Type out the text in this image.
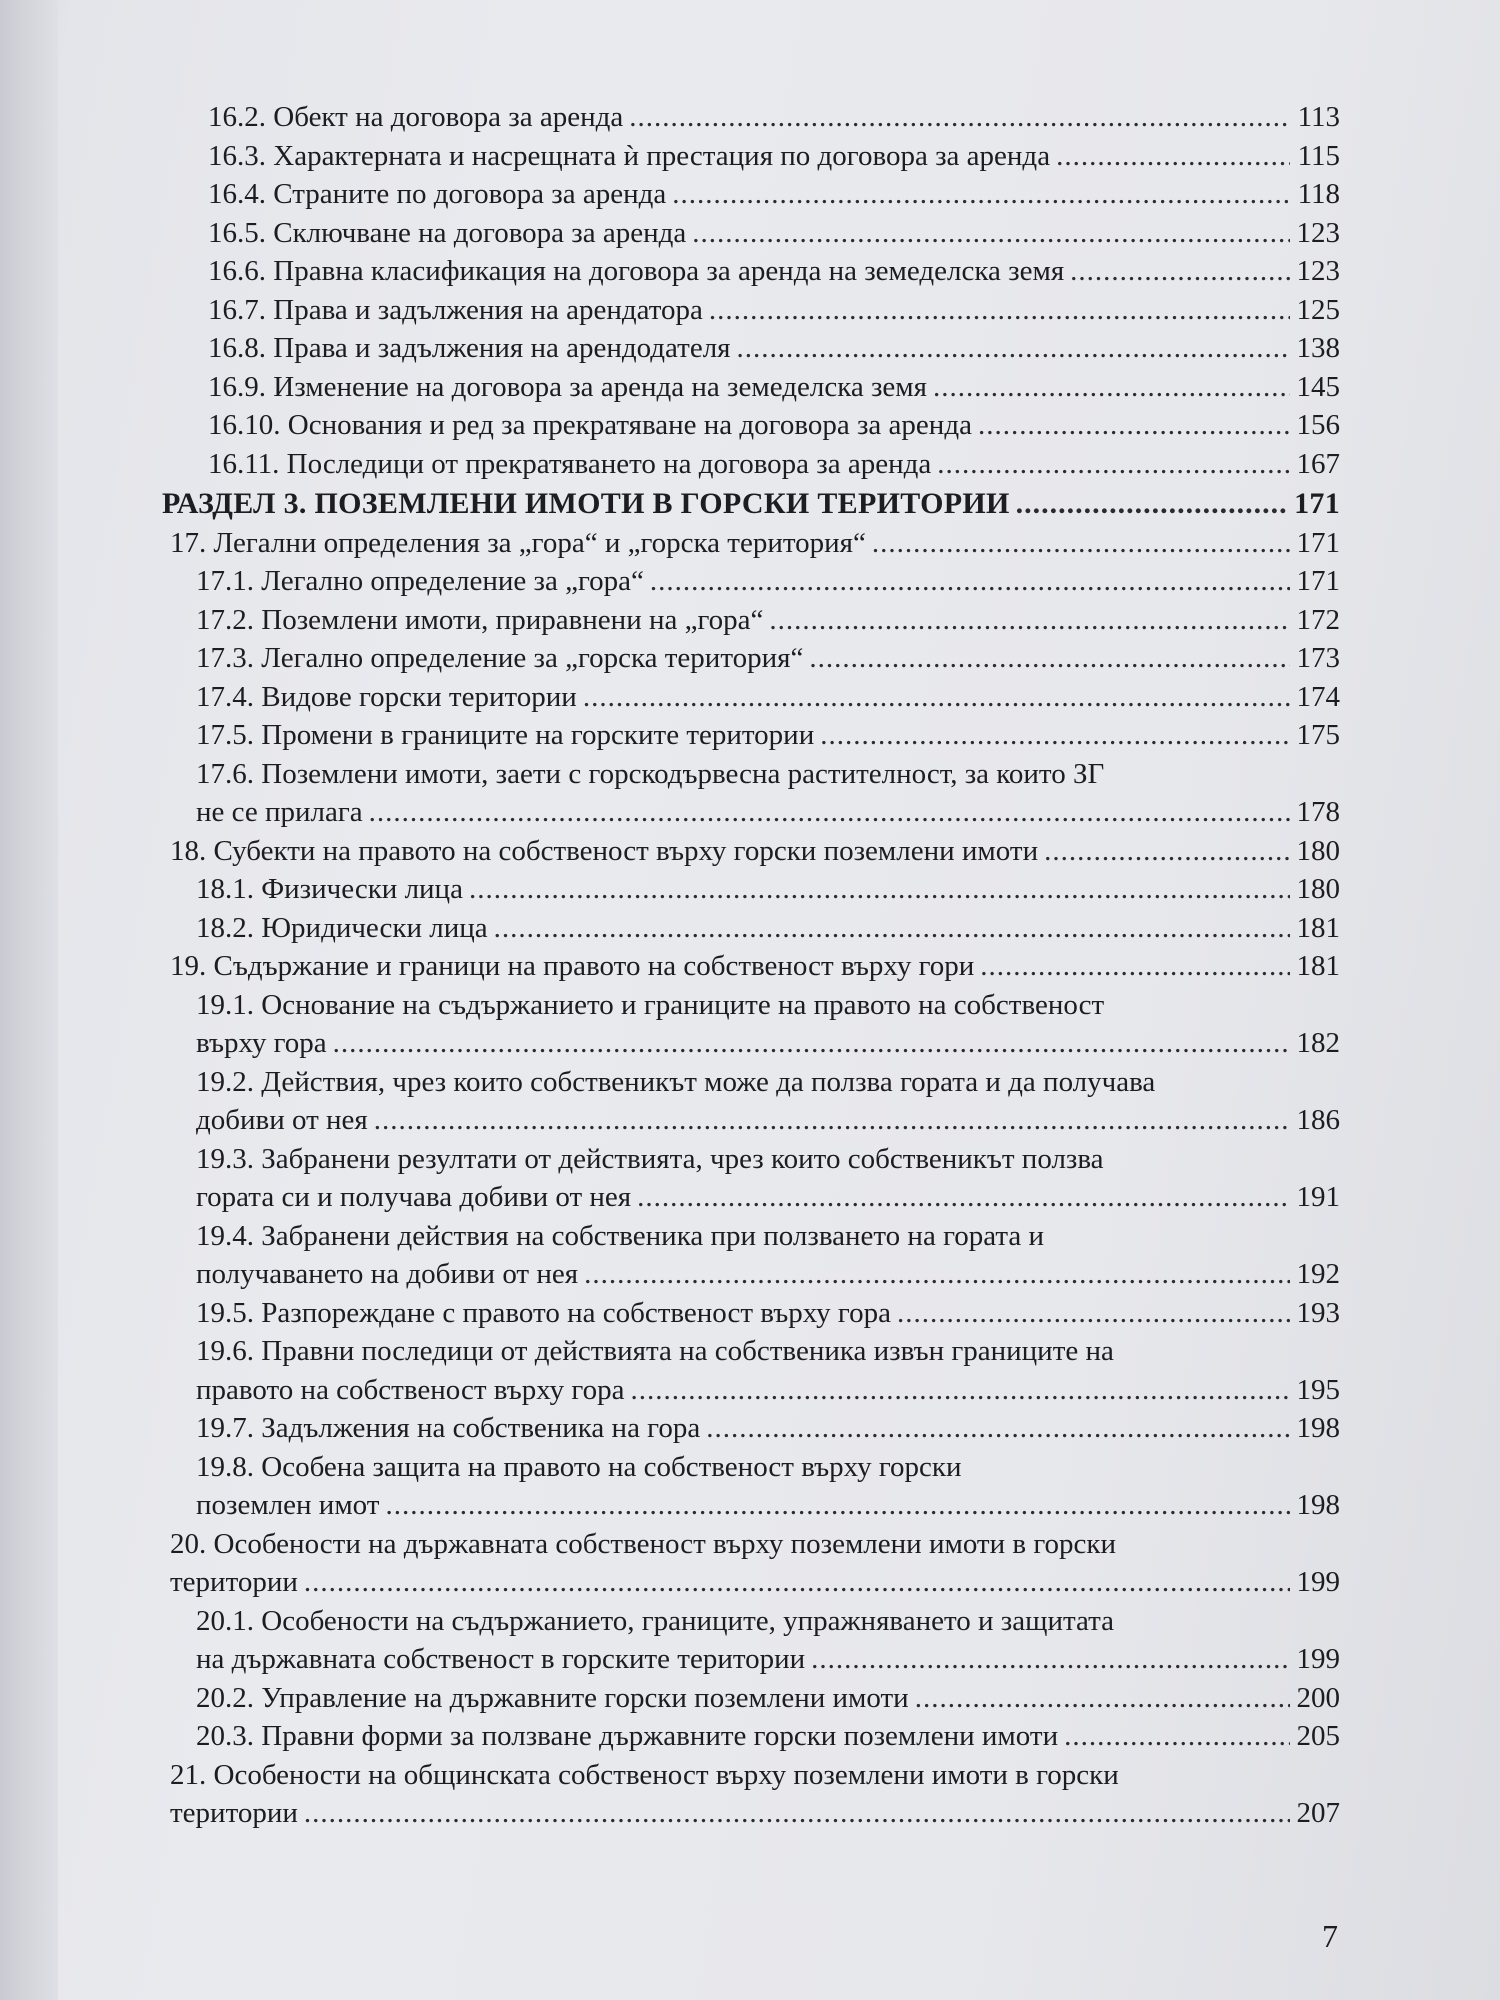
16.2. Обект на договора за аренда .....	113
16.3. Характерната и насрещната ѝ престация по договора за аренда .....	115
16.4. Страните по договора за аренда .....	118
16.5. Сключване на договора за аренда .....	123
16.6. Правна класификация на договора за аренда на земеделска земя .....	123
16.7. Права и задължения на арендатора .....	125
16.8. Права и задължения на арендодателя .....	138
16.9. Изменение на договора за аренда на земеделска земя .....	145
16.10. Основания и ред за прекратяване на договора за аренда .....	156
16.11. Последици от прекратяването на договора за аренда .....	167
РАЗДЕЛ 3. ПОЗЕМЛЕНИ ИМОТИ В ГОРСКИ ТЕРИТОРИИ .....	171
17. Легални определения за „гора“ и „горска територия“ .....	171
17.1. Легално определение за „гора“ .....	171
17.2. Поземлени имоти, приравнени на „гора“ .....	172
17.3. Легално определение за „горска територия“ .....	173
17.4. Видове горски територии .....	174
17.5. Промени в границите на горските територии .....	175
17.6. Поземлени имоти, заети с горскодървесна растителност, за които ЗГ
не се прилага .....	178
18. Субекти на правото на собственост върху горски поземлени имоти .....	180
18.1. Физически лица .....	180
18.2. Юридически лица .....	181
19. Съдържание и граници на правото на собственост върху гори .....	181
19.1. Основание на съдържанието и границите на правото на собственост
върху гора .....	182
19.2. Действия, чрез които собственикът може да ползва гората и да получава
добиви от нея .....	186
19.3. Забранени резултати от действията, чрез които собственикът ползва
гората си и получава добиви от нея .....	191
19.4. Забранени действия на собственика при ползването на гората и
получаването на добиви от нея .....	192
19.5. Разпореждане с правото на собственост върху гора .....	193
19.6. Правни последици от действията на собственика извън границите на
правото на собственост върху гора .....	195
19.7. Задължения на собственика на гора .....	198
19.8. Особена защита на правото на собственост върху горски
поземлен имот .....	198
20. Особености на държавната собственост върху поземлени имоти в горски
територии .....	199
20.1. Особености на съдържанието, границите, упражняването и защитата
на държавната собственост в горските територии .....	199
20.2. Управление на държавните горски поземлени имоти .....	200
20.3. Правни форми за ползване държавните горски поземлени имоти .....	205
21. Особености на общинската собственост върху поземлени имоти в горски
територии .....	207
7
